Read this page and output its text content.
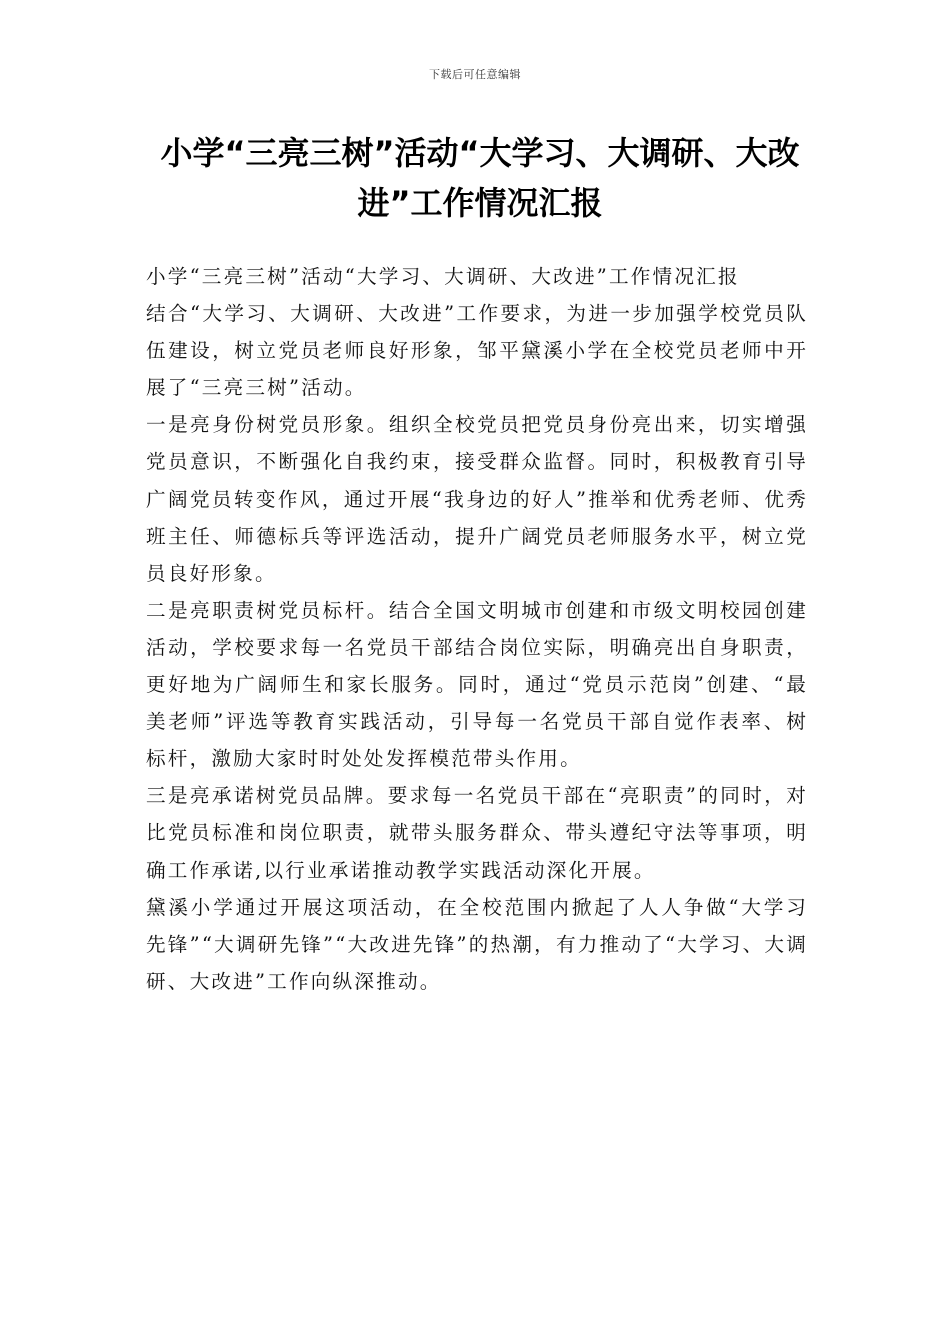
下载后可任意编辑
小学“三亮三树”活动“大学习、大调研、大改进”工作情况汇报

小学“三亮三树”活动“大学习、大调研、大改进”工作情况汇报

结合“大学习、大调研、大改进”工作要求，为进一步加强学校党员队伍建设，树立党员老师良好形象，邹平黛溪小学在全校党员老师中开展了“三亮三树”活动。

一是亮身份树党员形象。组织全校党员把党员身份亮出来，切实增强党员意识，不断强化自我约束，接受群众监督。同时，积极教育引导广阔党员转变作风，通过开展“我身边的好人”推举和优秀老师、优秀班主任、师德标兵等评选活动，提升广阔党员老师服务水平，树立党员良好形象。

二是亮职责树党员标杆。结合全国文明城市创建和市级文明校园创建活动，学校要求每一名党员干部结合岗位实际，明确亮出自身职责，更好地为广阔师生和家长服务。同时，通过“党员示范岗”创建、“最美老师”评选等教育实践活动，引导每一名党员干部自觉作表率、树标杆，激励大家时时处处发挥模范带头作用。

三是亮承诺树党员品牌。要求每一名党员干部在“亮职责”的同时，对比党员标准和岗位职责，就带头服务群众、带头遵纪守法等事项，明确工作承诺,以行业承诺推动教学实践活动深化开展。

黛溪小学通过开展这项活动，在全校范围内掀起了人人争做“大学习先锋”“大调研先锋”“大改进先锋”的热潮，有力推动了“大学习、大调研、大改进”工作向纵深推动。
